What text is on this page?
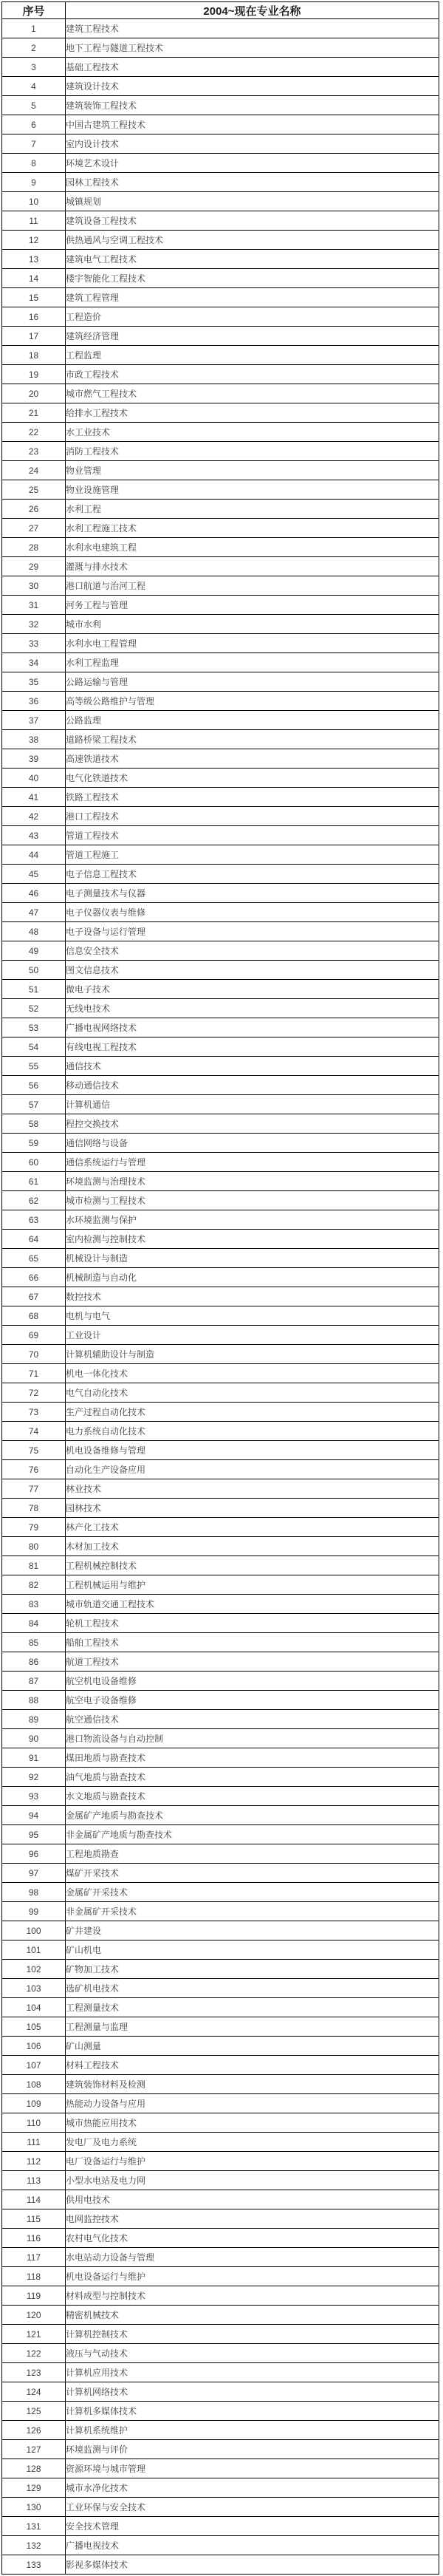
序号	2004~现在专业名称
1	建筑工程技术
2	地下工程与隧道工程技术
3	基础工程技术
4	建筑设计技术
5	建筑装饰工程技术
6	中国古建筑工程技术
7	室内设计技术
8	环境艺术设计
9	园林工程技术
10	城镇规划
11	建筑设备工程技术
12	供热通风与空调工程技术
13	建筑电气工程技术
14	楼宇智能化工程技术
15	建筑工程管理
16	工程造价
17	建筑经济管理
18	工程监理
19	市政工程技术
20	城市燃气工程技术
21	给排水工程技术
22	水工业技术
23	消防工程技术
24	物业管理
25	物业设施管理
26	水利工程
27	水利工程施工技术
28	水利水电建筑工程
29	灌溉与排水技术
30	港口航道与治河工程
31	河务工程与管理
32	城市水利
33	水利水电工程管理
34	水利工程监理
35	公路运输与管理
36	高等级公路维护与管理
37	公路监理
38	道路桥梁工程技术
39	高速铁道技术
40	电气化铁道技术
41	铁路工程技术
42	港口工程技术
43	管道工程技术
44	管道工程施工
45	电子信息工程技术
46	电子测量技术与仪器
47	电子仪器仪表与维修
48	电子设备与运行管理
49	信息安全技术
50	图文信息技术
51	微电子技术
52	无线电技术
53	广播电视网络技术
54	有线电视工程技术
55	通信技术
56	移动通信技术
57	计算机通信
58	程控交换技术
59	通信网络与设备
60	通信系统运行与管理
61	环境监测与治理技术
62	城市检测与工程技术
63	水环境监测与保护
64	室内检测与控制技术
65	机械设计与制造
66	机械制造与自动化
67	数控技术
68	电机与电气
69	工业设计
70	计算机辅助设计与制造
71	机电一体化技术
72	电气自动化技术
73	生产过程自动化技术
74	电力系统自动化技术
75	机电设备维修与管理
76	自动化生产设备应用
77	林业技术
78	园林技术
79	林产化工技术
80	木材加工技术
81	工程机械控制技术
82	工程机械运用与维护
83	城市轨道交通工程技术
84	轮机工程技术
85	船舶工程技术
86	航道工程技术
87	航空机电设备维修
88	航空电子设备维修
89	航空通信技术
90	港口物流设备与自动控制
91	煤田地质与勘查技术
92	油气地质与勘查技术
93	水文地质与勘查技术
94	金属矿产地质与勘查技术
95	非金属矿产地质与勘查技术
96	工程地质勘查
97	煤矿开采技术
98	金属矿开采技术
99	非金属矿开采技术
100	矿井建设
101	矿山机电
102	矿物加工技术
103	选矿机电技术
104	工程测量技术
105	工程测量与监理
106	矿山测量
107	材料工程技术
108	建筑装饰材料及检测
109	热能动力设备与应用
110	城市热能应用技术
111	发电厂及电力系统
112	电厂设备运行与维护
113	小型水电站及电力网
114	供用电技术
115	电网监控技术
116	农村电气化技术
117	水电站动力设备与管理
118	机电设备运行与维护
119	材料成型与控制技术
120	精密机械技术
121	计算机控制技术
122	液压与气动技术
123	计算机应用技术
124	计算机网络技术
125	计算机多媒体技术
126	计算机系统维护
127	环境监测与评价
128	资源环境与城市管理
129	城市水净化技术
130	工业环保与安全技术
131	安全技术管理
132	广播电视技术
133	影视多媒体技术
